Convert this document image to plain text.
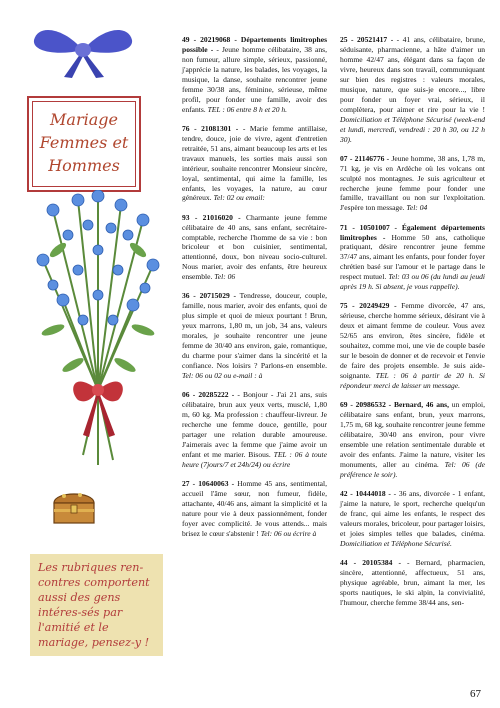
Mariage
Femmes et
Hommes

Les rubriques ren-contres comportent aussi des gens intéres-sés par l'amitié et le mariage, pensez-y !

49 - 20219068 - Départements limitrophes possible - - Jeune homme célibataire, 38 ans, non fumeur, allure simple, sérieux, passionné, j'apprécie la nature, les balades, les voyages, la musique, la danse, souhaite rencontrer jeune femme 30/38 ans, féminine, sérieuse, même profil, pour fonder une famille, avoir des enfants. TEL : 06 entre 8 h et 20 h.

76 - 21081301 - - Marie femme antillaise, tendre, douce, joie de vivre, agent d'entretien retraitée, 51 ans, aimant beaucoup les arts et les travaux manuels, les sorties mais aussi son intérieur, souhaite rencontrer Monsieur sincère, loyal, sentimental, qui aime la famille, les enfants, les voyages, la nature, au cœur généreux. Tel: 02 ou email:

93 - 21016020 - Charmante jeune femme célibataire de 40 ans, sans enfant, secrétaire-comptable, recherche l'homme de sa vie : bon bricoleur et bon cuisinier, sentimental, attentionné, doux, bon niveau socio-culturel. Nous marier, avoir des enfants, être heureux ensemble. Tel: 06

36 - 20715029 - Tendresse, douceur, couple, famille, nous marier, avoir des enfants, quoi de plus simple et quoi de mieux pourtant ! Brun, yeux marrons, 1,80 m, un job, 34 ans, valeurs morales, je souhaite rencontrer une jeune femme de 30/40 ans environ, gaie, romantique, du charme pour s'aimer dans la sincérité et la confiance. Nos loisirs ? Parlons-en ensemble. Tel: 06 ou 02 ou e-mail : à

06 - 20285222 - - Bonjour - J'ai 21 ans, suis célibataire, brun aux yeux verts, musclé, 1,80 m, 60 kg. Ma profession : chauffeur-livreur. Je recherche une femme douce, gentille, pour partager une relation durable amoureuse. J'aimerais avec la femme que j'aime avoir un enfant et me marier. Bisous. TEL : 06 à toute heure (7jours/7 et 24h/24) ou écrire

27 - 10640063 - Homme 45 ans, sentimental, accueil l'âme sœur, non fumeur, fidèle, attachante, 40/46 ans, aimant la simplicité et la nature pour vie à deux passionnément, fonder foyer avec complicité. Je vous attends... mais brisez le cœur s'abstenir ! Tel: 06 ou écrire à

25 - 20521417 - - 41 ans, célibataire, brune, séduisante, pharmacienne, a hâte d'aimer un homme 42/47 ans, élégant dans sa façon de vivre, heureux dans son travail, communiquant sur bien des registres : valeurs morales, musique, nature, que suis-je encore..., libre pour fonder un foyer vrai, sérieux, il complètera, pour aimer et rire pour la vie ! Domiciliation et Téléphone Sécurisé (week-end et lundi, mercredi, vendredi : 20 h 30, ou 12 h 30).

07 - 21146776 - Jeune homme, 38 ans, 1,78 m, 71 kg, je vis en Ardèche où les volcans ont sculpté nos montagnes. Je suis agriculteur et recherche jeune femme pour fonder une famille, travaillant ou non sur l'exploitation. J'espère ton message. Tel: 04

71 - 10501007 - Également départements limitrophes - Homme 50 ans, catholique pratiquant, désire rencontrer jeune femme 37/47 ans, aimant les enfants, pour fonder foyer chrétien basé sur l'amour et le partage dans le respect mutuel. Tel: 03 ou 06 (du lundi au jeudi après 19 h. Si absent, je vous rappelle).

75 - 20249429 - Femme divorcée, 47 ans, sérieuse, cherche homme sérieux, désirant vie à deux et aimant femme de couleur. Vous avez 52/65 ans environ, êtes sincère, fidèle et souhaitez, comme moi, une vie de couple basée sur le besoin de donner et de recevoir et l'envie de faire des projets ensemble. Je suis aide-soignante. TEL : 06 à partir de 20 h. Si répondeur merci de laisser un message.

69 - 20986532 - Bernard, 46 ans, un emploi, célibataire sans enfant, brun, yeux marrons, 1,75 m, 68 kg, souhaite rencontrer jeune femme célibataire, 30/40 ans environ, pour vivre ensemble une relation sentimentale durable et avoir des enfants. J'aime la nature, visiter les monuments, aller au cinéma. Tel: 06 (de préférence le soir).

42 - 10444018 - - 36 ans, divorcée - 1 enfant, j'aime la nature, le sport, recherche quelqu'un de franc, qui aime les enfants, le respect des valeurs morales, bricoleur, pour partager loisirs, et joies simples telles que balades, cinéma. Domiciliation et Téléphone Sécurisé.

44 - 20105384 - - Bernard, pharmacien, sincère, attentionné, affectueux, 51 ans, physique agréable, brun, aimant la mer, les sports nautiques, le ski alpin, la convivialité, l'humour, cherche femme 38/44 ans, sen-

67
